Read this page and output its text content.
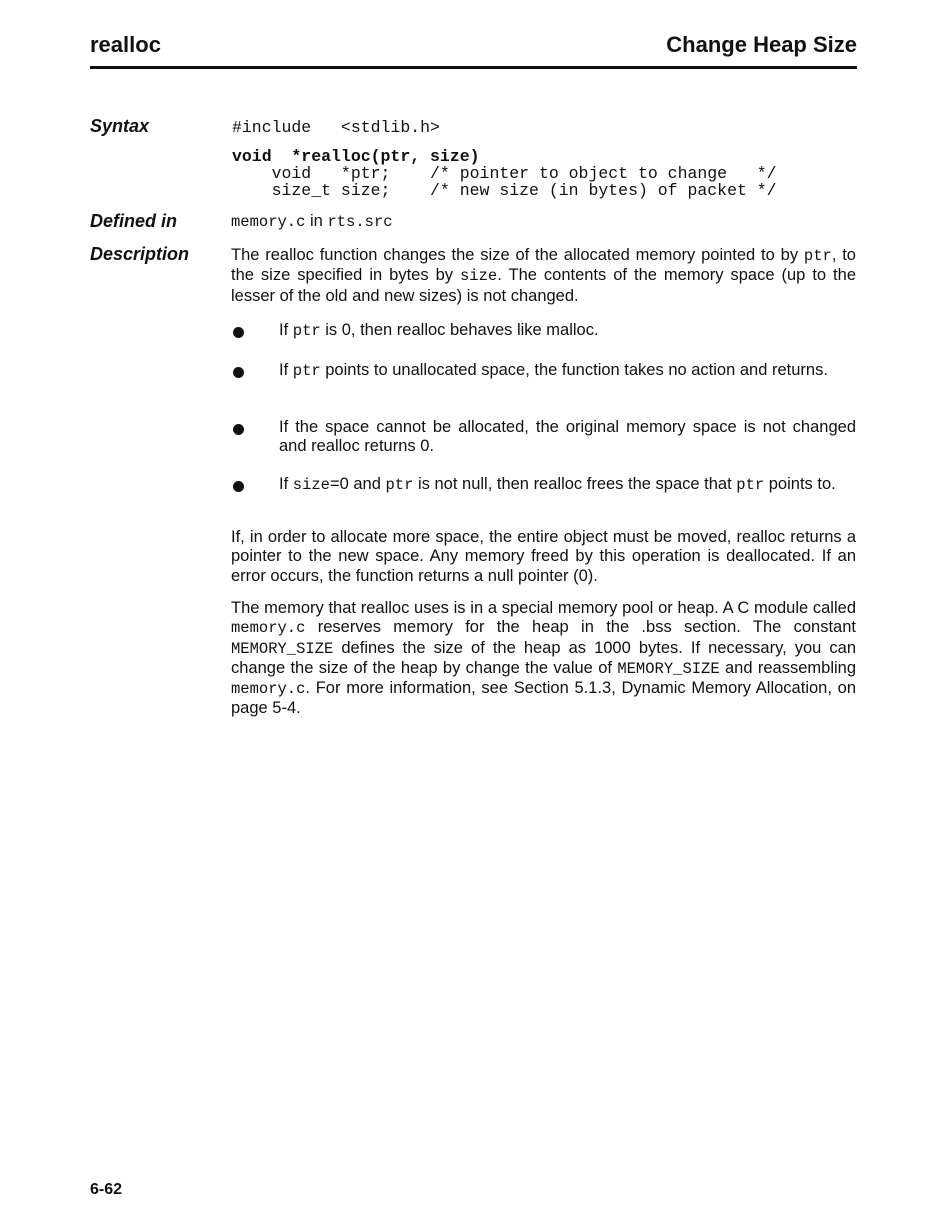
realloc	Change Heap Size
Syntax	#include   <stdlib.h>
void  *realloc(ptr, size)
void   *ptr;    /* pointer to object to change   */
size_t size;    /* new size (in bytes) of packet */
Defined in	memory.c in rts.src
Description	The realloc function changes the size of the allocated memory pointed to by ptr, to the size specified in bytes by size. The contents of the memory space (up to the lesser of the old and new sizes) is not changed.
If ptr is 0, then realloc behaves like malloc.
If ptr points to unallocated space, the function takes no action and returns.
If the space cannot be allocated, the original memory space is not changed and realloc returns 0.
If size=0 and ptr is not null, then realloc frees the space that ptr points to.
If, in order to allocate more space, the entire object must be moved, realloc returns a pointer to the new space. Any memory freed by this operation is deallocated. If an error occurs, the function returns a null pointer (0).
The memory that realloc uses is in a special memory pool or heap. A C module called memory.c reserves memory for the heap in the .bss section. The constant MEMORY_SIZE defines the size of the heap as 1000 bytes. If necessary, you can change the size of the heap by change the value of MEMORY_SIZE and reassembling memory.c. For more information, see Section 5.1.3, Dynamic Memory Allocation, on page 5-4.
6-62
